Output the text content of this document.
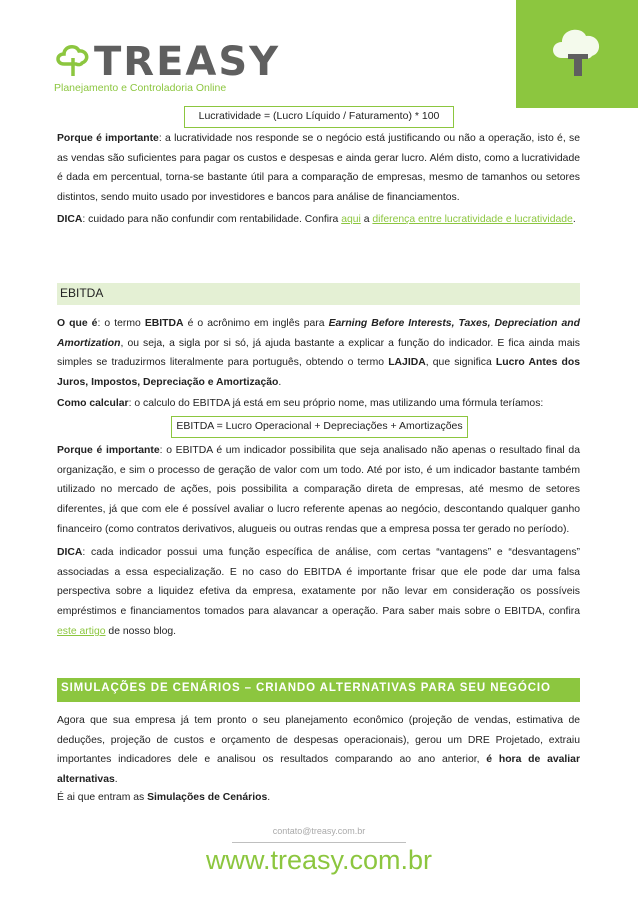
TREASY
Planejamento e Controladoria Online
Lucratividade = (Lucro Líquido / Faturamento) * 100
Porque é importante: a lucratividade nos responde se o negócio está justificando ou não a operação, isto é, se as vendas são suficientes para pagar os custos e despesas e ainda gerar lucro. Além disto, como a lucratividade é dada em percentual, torna-se bastante útil para a comparação de empresas, mesmo de tamanhos ou setores distintos, sendo muito usado por investidores e bancos para análise de financiamentos.
DICA: cuidado para não confundir com rentabilidade. Confira aqui a diferença entre lucratividade e lucratividade.
EBITDA
O que é: o termo EBITDA é o acrônimo em inglês para Earning Before Interests, Taxes, Depreciation and Amortization, ou seja, a sigla por si só, já ajuda bastante a explicar a função do indicador. E fica ainda mais simples se traduzirmos literalmente para português, obtendo o termo LAJIDA, que significa Lucro Antes dos Juros, Impostos, Depreciação e Amortização.
Como calcular: o calculo do EBITDA já está em seu próprio nome, mas utilizando uma fórmula teríamos:
EBITDA = Lucro Operacional + Depreciações + Amortizações
Porque é importante: o EBITDA é um indicador possibilita que seja analisado não apenas o resultado final da organização, e sim o processo de geração de valor com um todo. Até por isto, é um indicador bastante também utilizado no mercado de ações, pois possibilita a comparação direta de empresas, até mesmo de setores diferentes, já que com ele é possível avaliar o lucro referente apenas ao negócio, descontando qualquer ganho financeiro (como contratos derivativos, alugueis ou outras rendas que a empresa possa ter gerado no período).
DICA: cada indicador possui uma função específica de análise, com certas “vantagens” e “desvantagens” associadas a essa especialização. E no caso do EBITDA é importante frisar que ele pode dar uma falsa perspectiva sobre a liquidez efetiva da empresa, exatamente por não levar em consideração os possíveis empréstimos e financiamentos tomados para alavancar a operação. Para saber mais sobre o EBITDA, confira este artigo de nosso blog.
SIMULAÇÕES DE CENÁRIOS – CRIANDO ALTERNATIVAS PARA SEU NEGÓCIO
Agora que sua empresa já tem pronto o seu planejamento econômico (projeção de vendas, estimativa de deduções, projeção de custos e orçamento de despesas operacionais), gerou um DRE Projetado, extraiu importantes indicadores dele e analisou os resultados comparando ao ano anterior, é hora de avaliar alternativas.
É ai que entram as Simulações de Cenários.
contato@treasy.com.br
www.treasy.com.br
